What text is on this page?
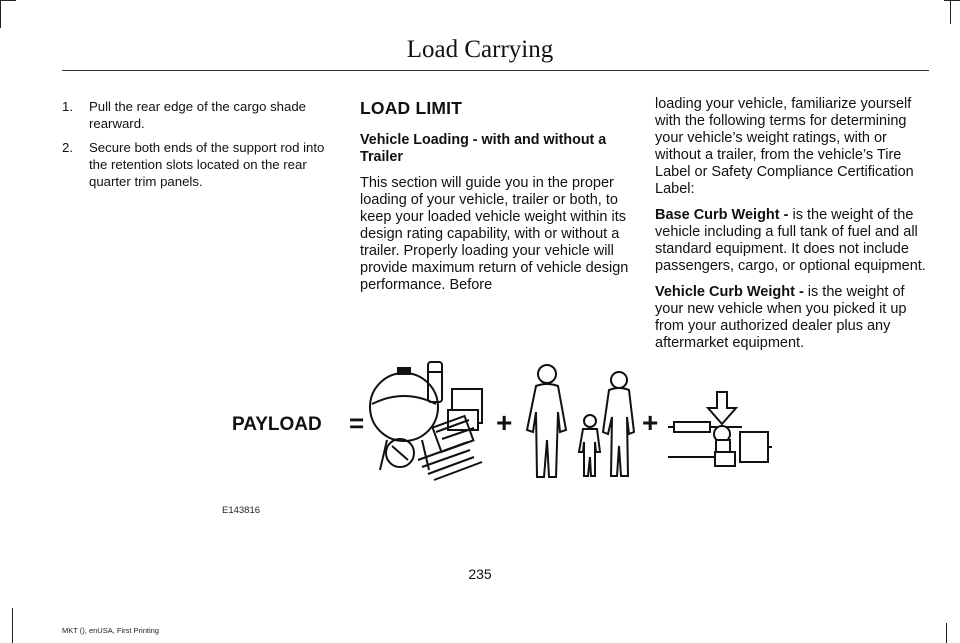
Load Carrying
1. Pull the rear edge of the cargo shade rearward.
2. Secure both ends of the support rod into the retention slots located on the rear quarter trim panels.
LOAD LIMIT
Vehicle Loading - with and without a Trailer
This section will guide you in the proper loading of your vehicle, trailer or both, to keep your loaded vehicle weight within its design rating capability, with or without a trailer. Properly loading your vehicle will provide maximum return of vehicle design performance. Before
loading your vehicle, familiarize yourself with the following terms for determining your vehicle’s weight ratings, with or without a trailer, from the vehicle’s Tire Label or Safety Compliance Certification Label:
Base Curb Weight - is the weight of the vehicle including a full tank of fuel and all standard equipment. It does not include passengers, cargo, or optional equipment.
Vehicle Curb Weight - is the weight of your new vehicle when you picked it up from your authorized dealer plus any aftermarket equipment.
PAYLOAD =	+	+
E143816
235
MKT (), enUSA, First Printing
